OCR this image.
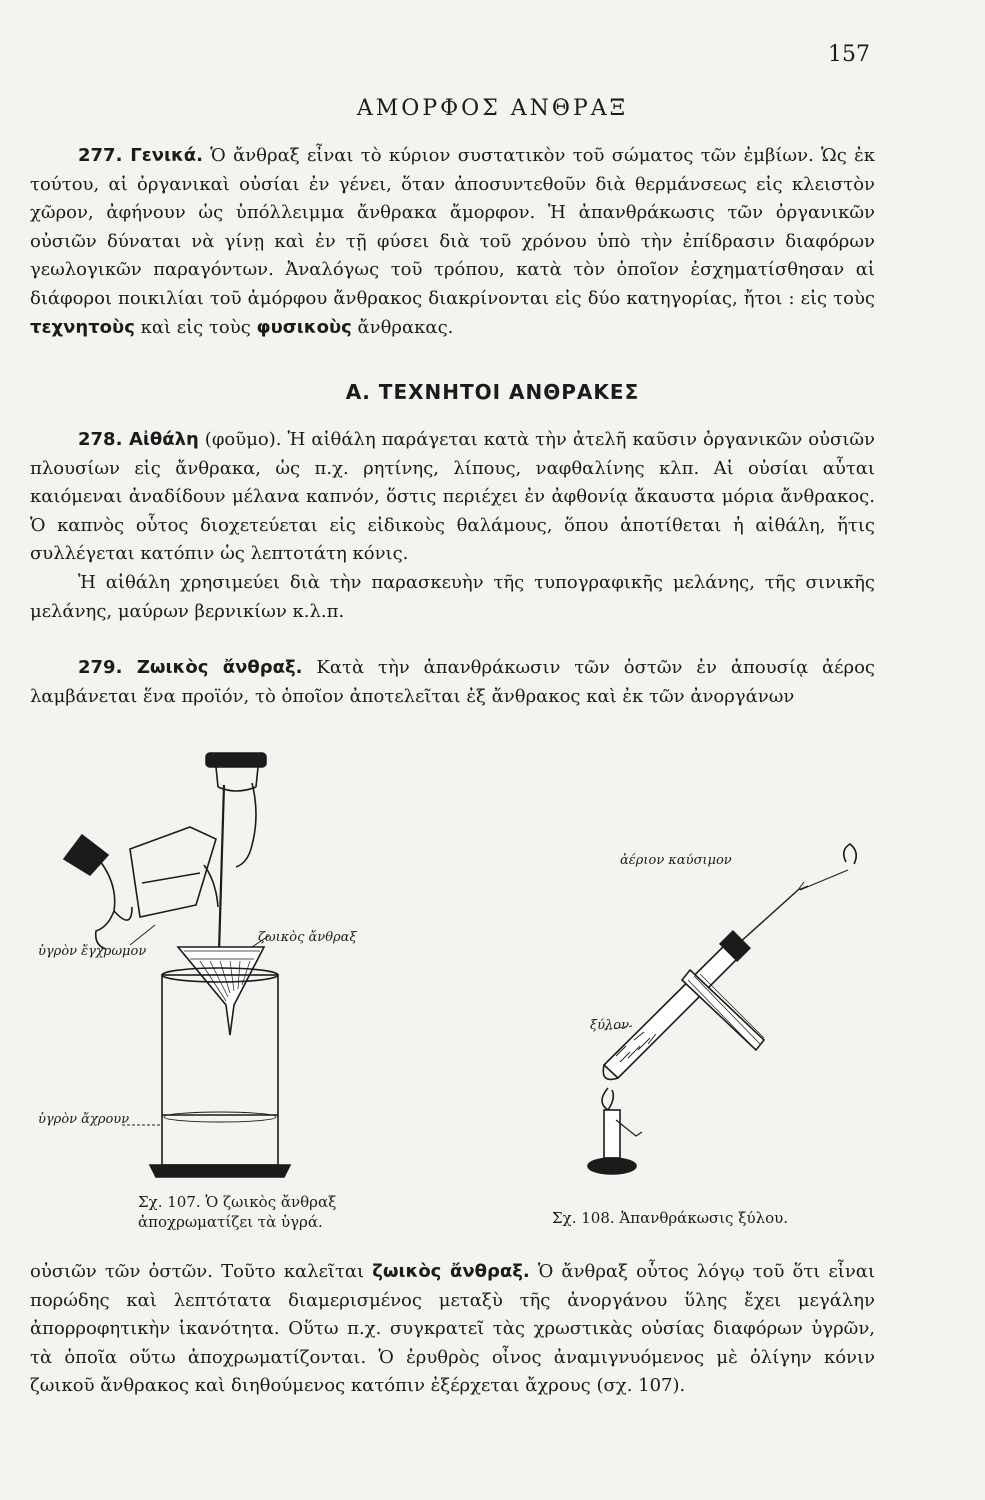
157
ΑΜΟΡΦΟΣ ΑΝΘΡΑΞ

277. Γενικά. Ὁ ἄνθραξ εἶναι τὸ κύριον συστατικὸν τοῦ σώματος τῶν ἐμβίων. Ὡς ἐκ τούτου, αἱ ὀργανικαὶ οὐσίαι ἐν γένει, ὅταν ἀποσυντεθοῦν διὰ θερμάνσεως εἰς κλειστὸν χῶρον, ἀφήνουν ὡς ὑπόλλειμμα ἄνθρακα ἄμορφον. Ἡ ἀπανθράκωσις τῶν ὀργανικῶν οὐσιῶν δύναται νὰ γίνῃ καὶ ἐν τῇ φύσει διὰ τοῦ χρόνου ὑπὸ τὴν ἐπίδρασιν διαφόρων γεωλογικῶν παραγόντων. Ἀναλόγως τοῦ τρόπου, κατὰ τὸν ὁποῖον ἐσχηματίσθησαν αἱ διάφοροι ποικιλίαι τοῦ ἀμόρφου ἄνθρακος διακρίνονται εἰς δύο κατηγορίας, ἤτοι : εἰς τοὺς τεχνητοὺς καὶ εἰς τοὺς φυσικοὺς ἄνθρακας.

Α. ΤΕΧΝΗΤΟΙ ΑΝΘΡΑΚΕΣ

278. Αἰθάλη (φοῦμο). Ἡ αἰθάλη παράγεται κατὰ τὴν ἀτελῆ καῦσιν ὀργανικῶν οὐσιῶν πλουσίων εἰς ἄνθρακα, ὡς π.χ. ρητίνης, λίπους, ναφθαλίνης κλπ. Αἱ οὐσίαι αὗται καιόμεναι ἀναδίδουν μέλανα καπνόν, ὅστις περιέχει ἐν ἀφθονίᾳ ἄκαυστα μόρια ἄνθρακος. Ὁ καπνὸς οὗτος διοχετεύεται εἰς εἰδικοὺς θαλάμους, ὅπου ἀποτίθεται ἡ αἰθάλη, ἥτις συλλέγεται κατόπιν ὡς λεπτοτάτη κόνις.

Ἡ αἰθάλη χρησιμεύει διὰ τὴν παρασκευὴν τῆς τυπογραφικῆς μελάνης, τῆς σινικῆς μελάνης, μαύρων βερνικίων κ.λ.π.

279. Ζωικὸς ἄνθραξ. Κατὰ τὴν ἀπανθράκωσιν τῶν ὀστῶν ἐν ἀπουσίᾳ ἀέρος λαμβάνεται ἕνα προϊόν, τὸ ὁποῖον ἀποτελεῖται ἐξ ἄνθρακος καὶ ἐκ τῶν ἀνοργάνων

ὑγρὸν ἔγχρωμον
ζωικὸς ἄνθραξ
ὑγρὸν ἄχρουν
Σχ. 107. Ὁ ζωικὸς ἄνθραξ
ἀποχρωματίζει τὰ ὑγρά.
ἀέριον καύσιμον
ξύλον
Σχ. 108. Ἀπανθράκωσις ξύλου.

οὐσιῶν τῶν ὀστῶν. Τοῦτο καλεῖται ζωικὸς ἄνθραξ. Ὁ ἄνθραξ οὗτος λόγῳ τοῦ ὅτι εἶναι πορώδης καὶ λεπτότατα διαμερισμένος μεταξὺ τῆς ἀνοργάνου ὕλης ἔχει μεγάλην ἀπορροφητικὴν ἱκανότητα. Οὕτω π.χ. συγκρατεῖ τὰς χρωστικὰς οὐσίας διαφόρων ὑγρῶν, τὰ ὁποῖα οὕτω ἀποχρωματίζονται. Ὁ ἐρυθρὸς οἶνος ἀναμιγνυόμενος μὲ ὀλίγην κόνιν ζωικοῦ ἄνθρακος καὶ διηθούμενος κατόπιν ἐξέρχεται ἄχρους (σχ. 107).
